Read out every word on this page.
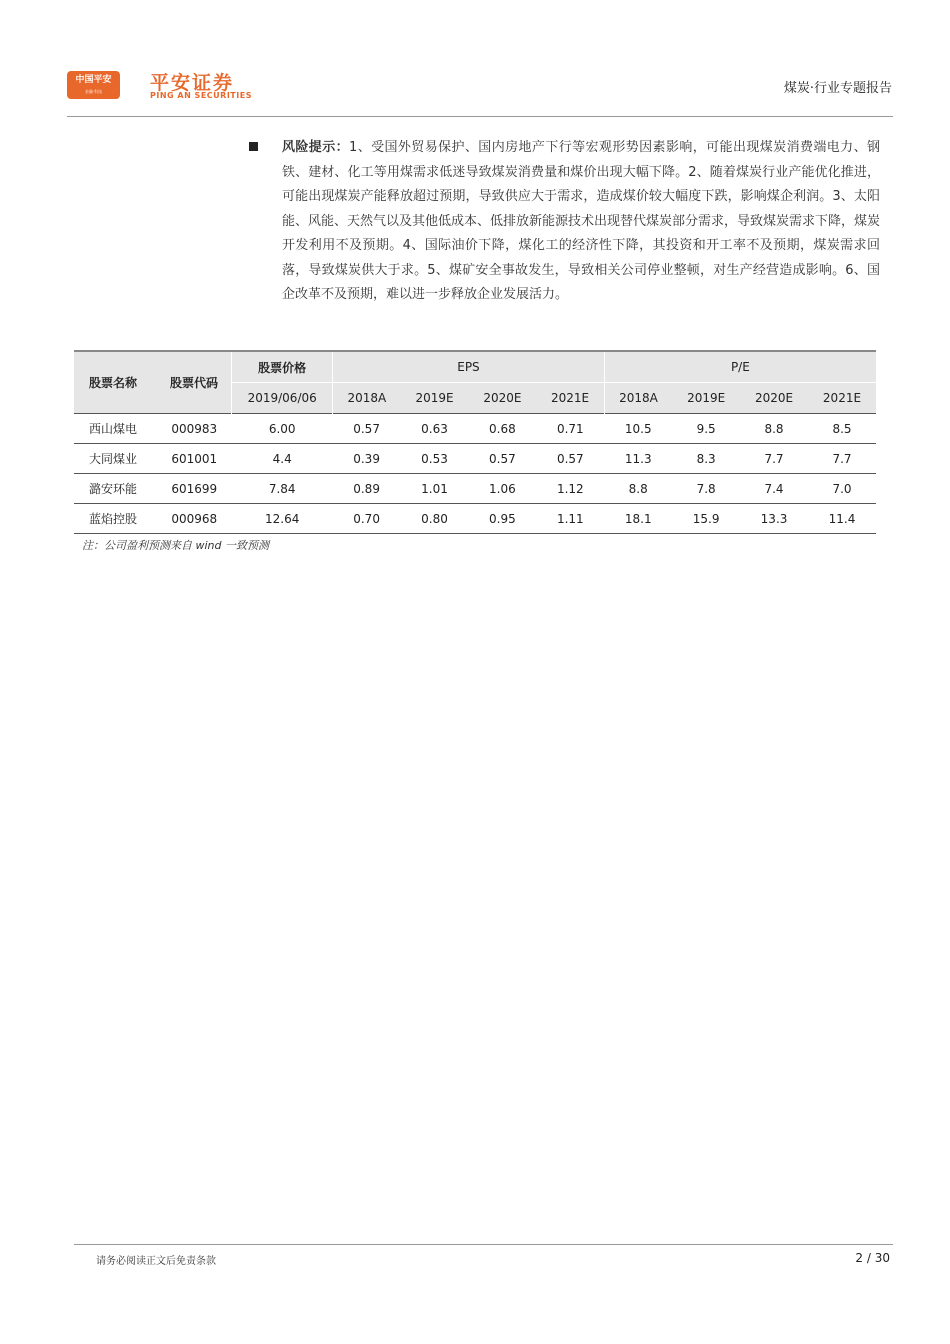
中国平安
金融·科技	平安证券
PING AN SECURITIES	煤炭·行业专题报告
风险提示：1、受国外贸易保护、国内房地产下行等宏观形势因素影响，可能出现煤炭消费端电力、钢铁、建材、化工等用煤需求低迷导致煤炭消费量和煤价出现大幅下降。2、随着煤炭行业产能优化推进，可能出现煤炭产能释放超过预期，导致供应大于需求，造成煤价较大幅度下跌，影响煤企利润。3、太阳能、风能、天然气以及其他低成本、低排放新能源技术出现替代煤炭部分需求，导致煤炭需求下降，煤炭开发利用不及预期。4、国际油价下降，煤化工的经济性下降，其投资和开工率不及预期，煤炭需求回落，导致煤炭供大于求。5、煤矿安全事故发生，导致相关公司停业整顿，对生产经营造成影响。6、国企改革不及预期，难以进一步释放企业发展活力。
股票名称	股票代码	股票价格	EPS				P/E			
		2019/06/06	2018A	2019E	2020E	2021E	2018A	2019E	2020E	2021E
西山煤电	000983	6.00	0.57	0.63	0.68	0.71	10.5	9.5	8.8	8.5
大同煤业	601001	4.4	0.39	0.53	0.57	0.57	11.3	8.3	7.7	7.7
潞安环能	601699	7.84	0.89	1.01	1.06	1.12	8.8	7.8	7.4	7.0
蓝焰控股	000968	12.64	0.70	0.80	0.95	1.11	18.1	15.9	13.3	11.4
注：公司盈利预测来自 wind 一致预测
请务必阅读正文后免责条款	2 / 30
